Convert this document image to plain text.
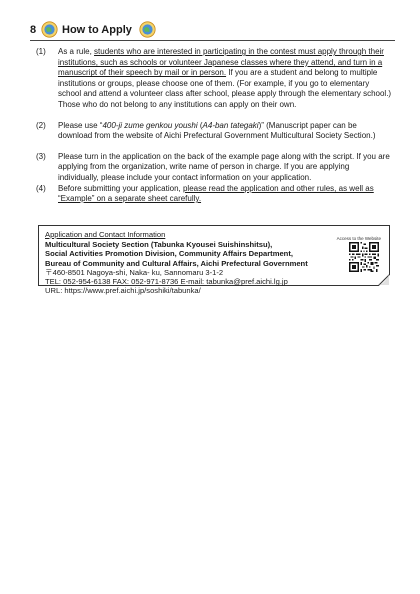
8 How to Apply
(1) As a rule, students who are interested in participating in the contest must apply through their institutions, such as schools or volunteer Japanese classes where they attend, and turn in a manuscript of their speech by mail or in person. If you are a student and belong to multiple institutions or groups, please choose one of them. (For example, if you go to elementary school and attend a volunteer class after school, please apply through the elementary school.)
Those who do not belong to any institutions can apply on their own.
(2) Please use “400-ji zume genkou youshi (A4-ban tategaki)” (Manuscript paper can be download from the website of Aichi Prefectural Government Multicultural Society Section.)
(3) Please turn in the application on the back of the example page along with the script. If you are applying from the organization, write name of person in charge. If you are applying individually, please include your contact information on your application.
(4) Before submitting your application, please read the application and other rules, as well as “Example” on a separate sheet carefully.
Application and Contact Information	Access to the Website
Multicultural Society Section (Tabunka Kyousei Suishinshitsu),
Social Activities Promotion Division, Community Affairs Department,
Bureau of Community and Cultural Affairs, Aichi Prefectural Government
〒460-8501 Nagoya-shi, Naka- ku, Sannomaru 3-1-2
TEL: 052-954-6138 FAX: 052-971-8736 E-mail: tabunka@pref.aichi.lg.jp
URL: https://www.pref.aichi.jp/soshiki/tabunka/
